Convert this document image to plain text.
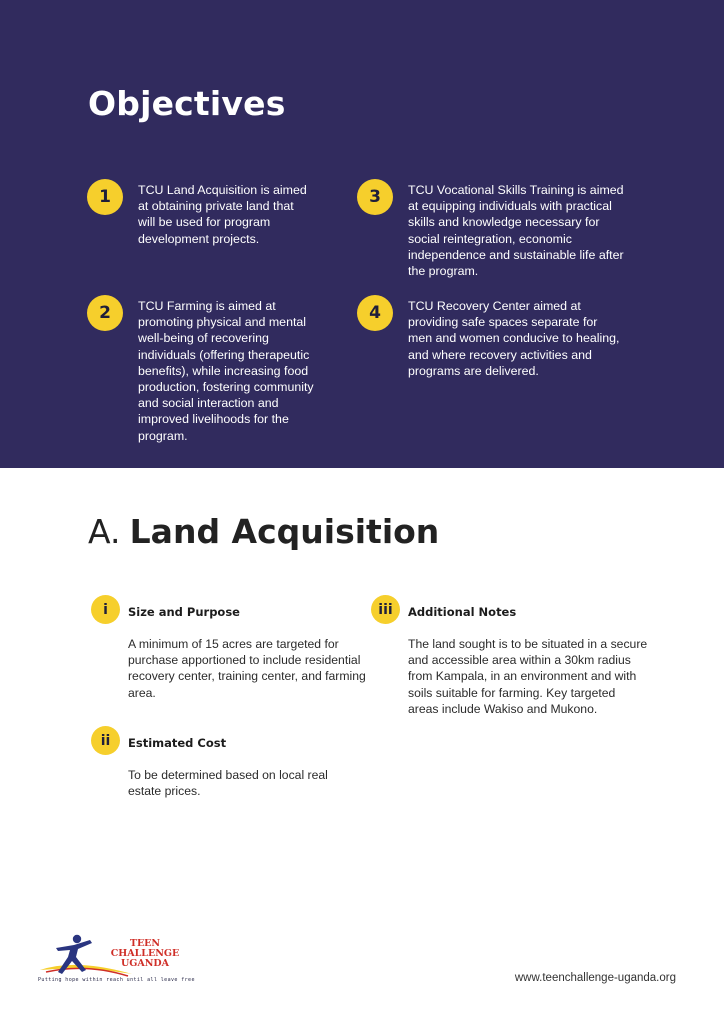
Objectives
1	TCU Land Acquisition is aimed at obtaining private land that will be used for program development projects.

2	TCU Farming is aimed at promoting physical and mental well-being of recovering individuals (offering therapeutic benefits), while increasing food production, fostering community and social interaction and improved livelihoods for the program.

3	TCU Vocational Skills Training is aimed at equipping individuals with practical skills and knowledge necessary for social reintegration, economic independence and sustainable life after the program.

4	TCU Recovery Center aimed at providing safe spaces separate for men and women conducive to healing, and where recovery activities and programs are delivered.

A. Land Acquisition
i	Size and Purpose

A minimum of 15 acres are targeted for purchase apportioned to include residential recovery center, training center, and farming area.

ii	Estimated Cost

To be determined based on local real estate prices.

iii	Additional Notes

The land sought is to be situated in a secure and accessible area within a 30km radius from Kampala, in an environment and with soils suitable for farming. Key targeted areas include Wakiso and Mukono.

TEEN CHALLENGE
UGANDA
Putting hope within reach until all leave free	www.teenchallenge-uganda.org
